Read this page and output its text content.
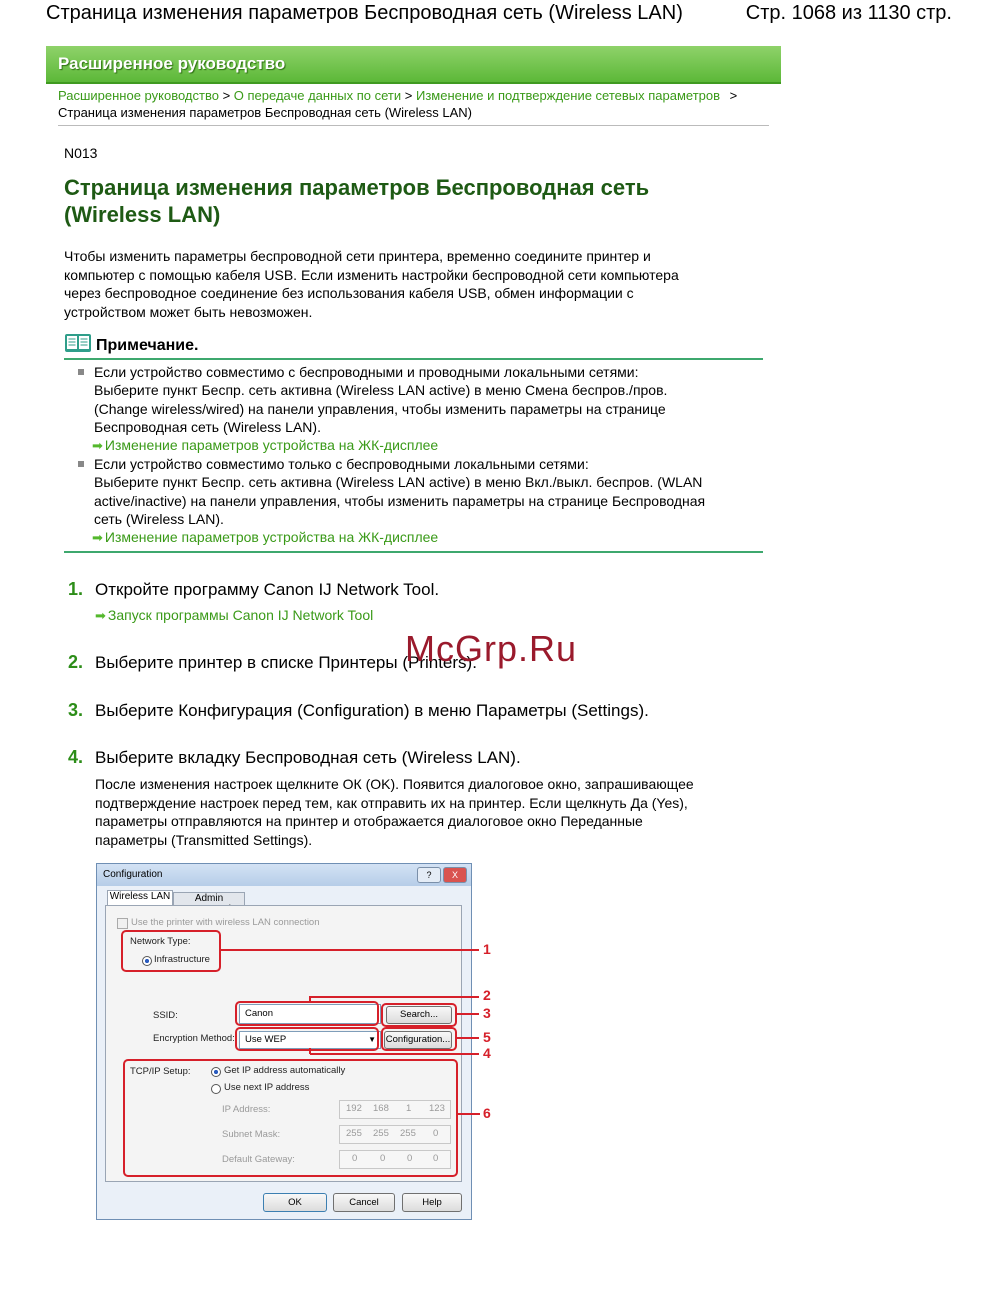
Страница изменения параметров Беспроводная сеть (Wireless LAN)	Стр. 1068 из 1130 стр.
Расширенное руководство
Расширенное руководство > О передаче данных по сети > Изменение и подтверждение сетевых параметров >
Страница изменения параметров Беспроводная сеть (Wireless LAN)
N013
Страница изменения параметров Беспроводная сеть
(Wireless LAN)
Чтобы изменить параметры беспроводной сети принтера, временно соедините принтер и
компьютер с помощью кабеля USB. Если изменить настройки беспроводной сети компьютера
через беспроводное соединение без использования кабеля USB, обмен информации с
устройством может быть невозможен.
Примечание.
Если устройство совместимо с беспроводными и проводными локальными сетями:
Выберите пункт Беспр. сеть активна (Wireless LAN active) в меню Смена беспров./пров.
(Change wireless/wired) на панели управления, чтобы изменить параметры на странице
Беспроводная сеть (Wireless LAN).
➡ Изменение параметров устройства на ЖК-дисплее
Если устройство совместимо только с беспроводными локальными сетями:
Выберите пункт Беспр. сеть активна (Wireless LAN active) в меню Вкл./выкл. беспров. (WLAN
active/inactive) на панели управления, чтобы изменить параметры на странице Беспроводная
сеть (Wireless LAN).
➡ Изменение параметров устройства на ЖК-дисплее
1. Откройте программу Canon IJ Network Tool.
➡ Запуск программы Canon IJ Network Tool
2. Выберите принтер в списке Принтеры (Printers).
McGrp.Ru
3. Выберите Конфигурация (Configuration) в меню Параметры (Settings).
4. Выберите вкладку Беспроводная сеть (Wireless LAN).
После изменения настроек щелкните ОК (OK). Появится диалоговое окно, запрашивающее
подтверждение настроек перед тем, как отправить их на принтер. Если щелкнуть Да (Yes),
параметры отправляются на принтер и отображается диалоговое окно Переданные
параметры (Transmitted Settings).
Configuration	?	X
Wireless LAN	Admin
Use the printer with wireless LAN connection
Network Type:
Infrastructure
SSID:	Canon	Search...
Encryption Method:	Use WEP	▼ Configuration...
TCP/IP Setup:	Get IP address automatically
Use next IP address
IP Address:	192 168 1 123
Subnet Mask:	255 255 255 0
Default Gateway:	0 0 0 0
OK	Cancel	Help
1
2
3
5
4
6
